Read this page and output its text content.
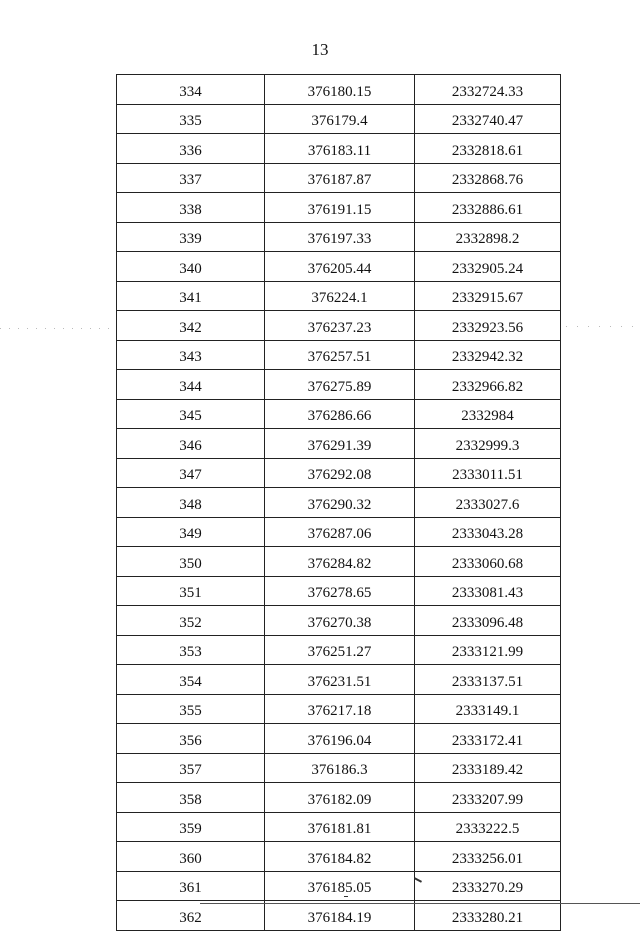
13
334	376180.15	2332724.33
335	376179.4	2332740.47
336	376183.11	2332818.61
337	376187.87	2332868.76
338	376191.15	2332886.61
339	376197.33	2332898.2
340	376205.44	2332905.24
341	376224.1	2332915.67
342	376237.23	2332923.56
343	376257.51	2332942.32
344	376275.89	2332966.82
345	376286.66	2332984
346	376291.39	2332999.3
347	376292.08	2333011.51
348	376290.32	2333027.6
349	376287.06	2333043.28
350	376284.82	2333060.68
351	376278.65	2333081.43
352	376270.38	2333096.48
353	376251.27	2333121.99
354	376231.51	2333137.51
355	376217.18	2333149.1
356	376196.04	2333172.41
357	376186.3	2333189.42
358	376182.09	2333207.99
359	376181.81	2333222.5
360	376184.82	2333256.01
361	376185.05	2333270.29
362	376184.19	2333280.21
